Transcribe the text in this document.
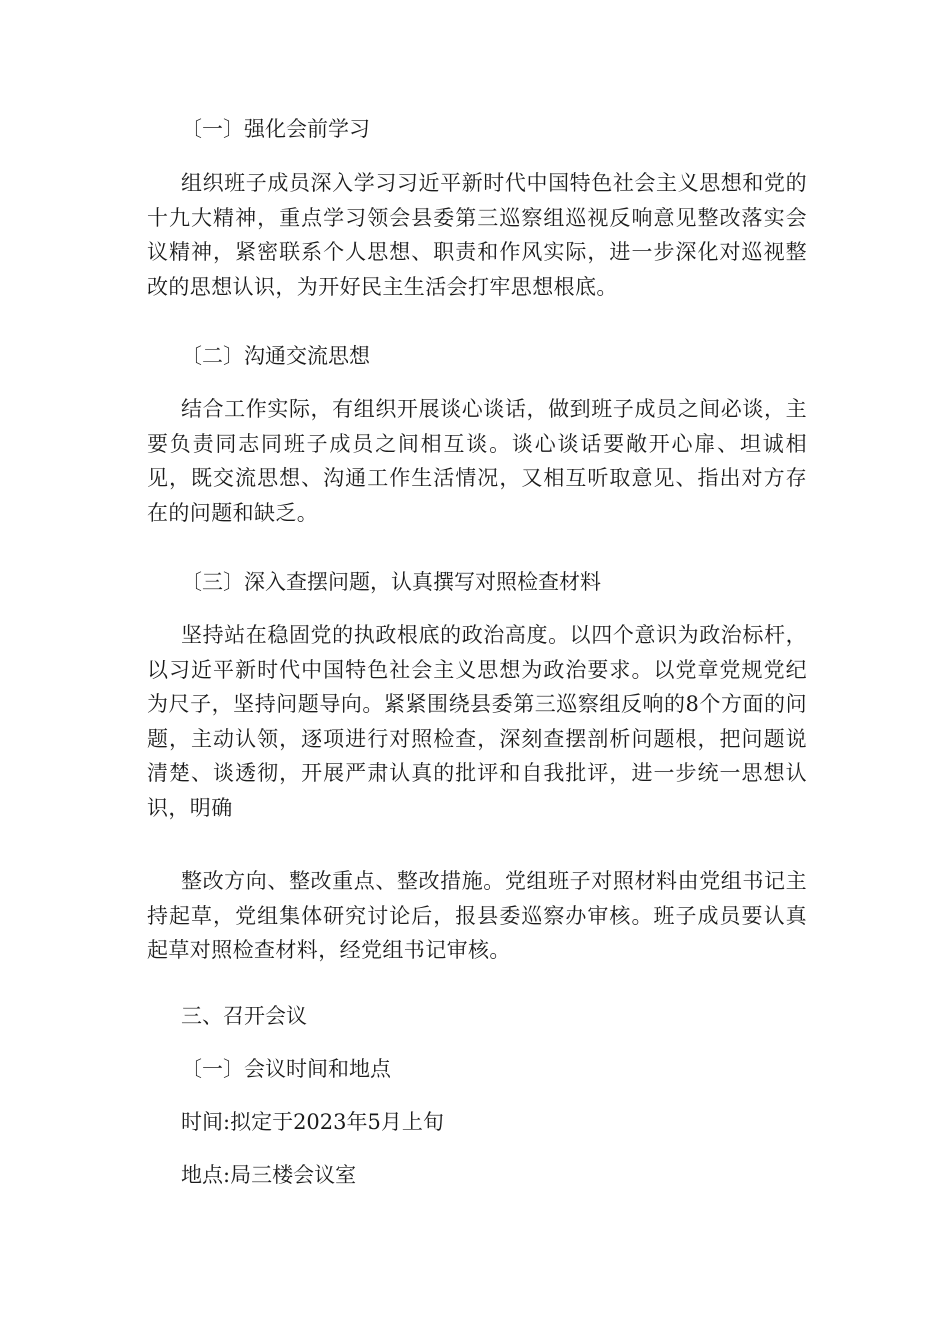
〔一〕强化会前学习
组织班子成员深入学习习近平新时代中国特色社会主义思想和党的十九大精神，重点学习领会县委第三巡察组巡视反响意见整改落实会议精神，紧密联系个人思想、职责和作风实际，进一步深化对巡视整改的思想认识，为开好民主生活会打牢思想根底。
〔二〕沟通交流思想
结合工作实际，有组织开展谈心谈话，做到班子成员之间必谈，主要负责同志同班子成员之间相互谈。谈心谈话要敞开心扉、坦诚相见，既交流思想、沟通工作生活情况，又相互听取意见、指出对方存在的问题和缺乏。
〔三〕深入查摆问题，认真撰写对照检查材料
坚持站在稳固党的执政根底的政治高度。以四个意识为政治标杆，以习近平新时代中国特色社会主义思想为政治要求。以党章党规党纪为尺子，坚持问题导向。紧紧围绕县委第三巡察组反响的8个方面的问题，主动认领，逐项进行对照检查，深刻查摆剖析问题根，把问题说清楚、谈透彻，开展严肃认真的批评和自我批评，进一步统一思想认识，明确
整改方向、整改重点、整改措施。党组班子对照材料由党组书记主持起草，党组集体研究讨论后，报县委巡察办审核。班子成员要认真起草对照检查材料，经党组书记审核。
三、召开会议
〔一〕会议时间和地点
时间:拟定于2023年5月上旬
地点:局三楼会议室
